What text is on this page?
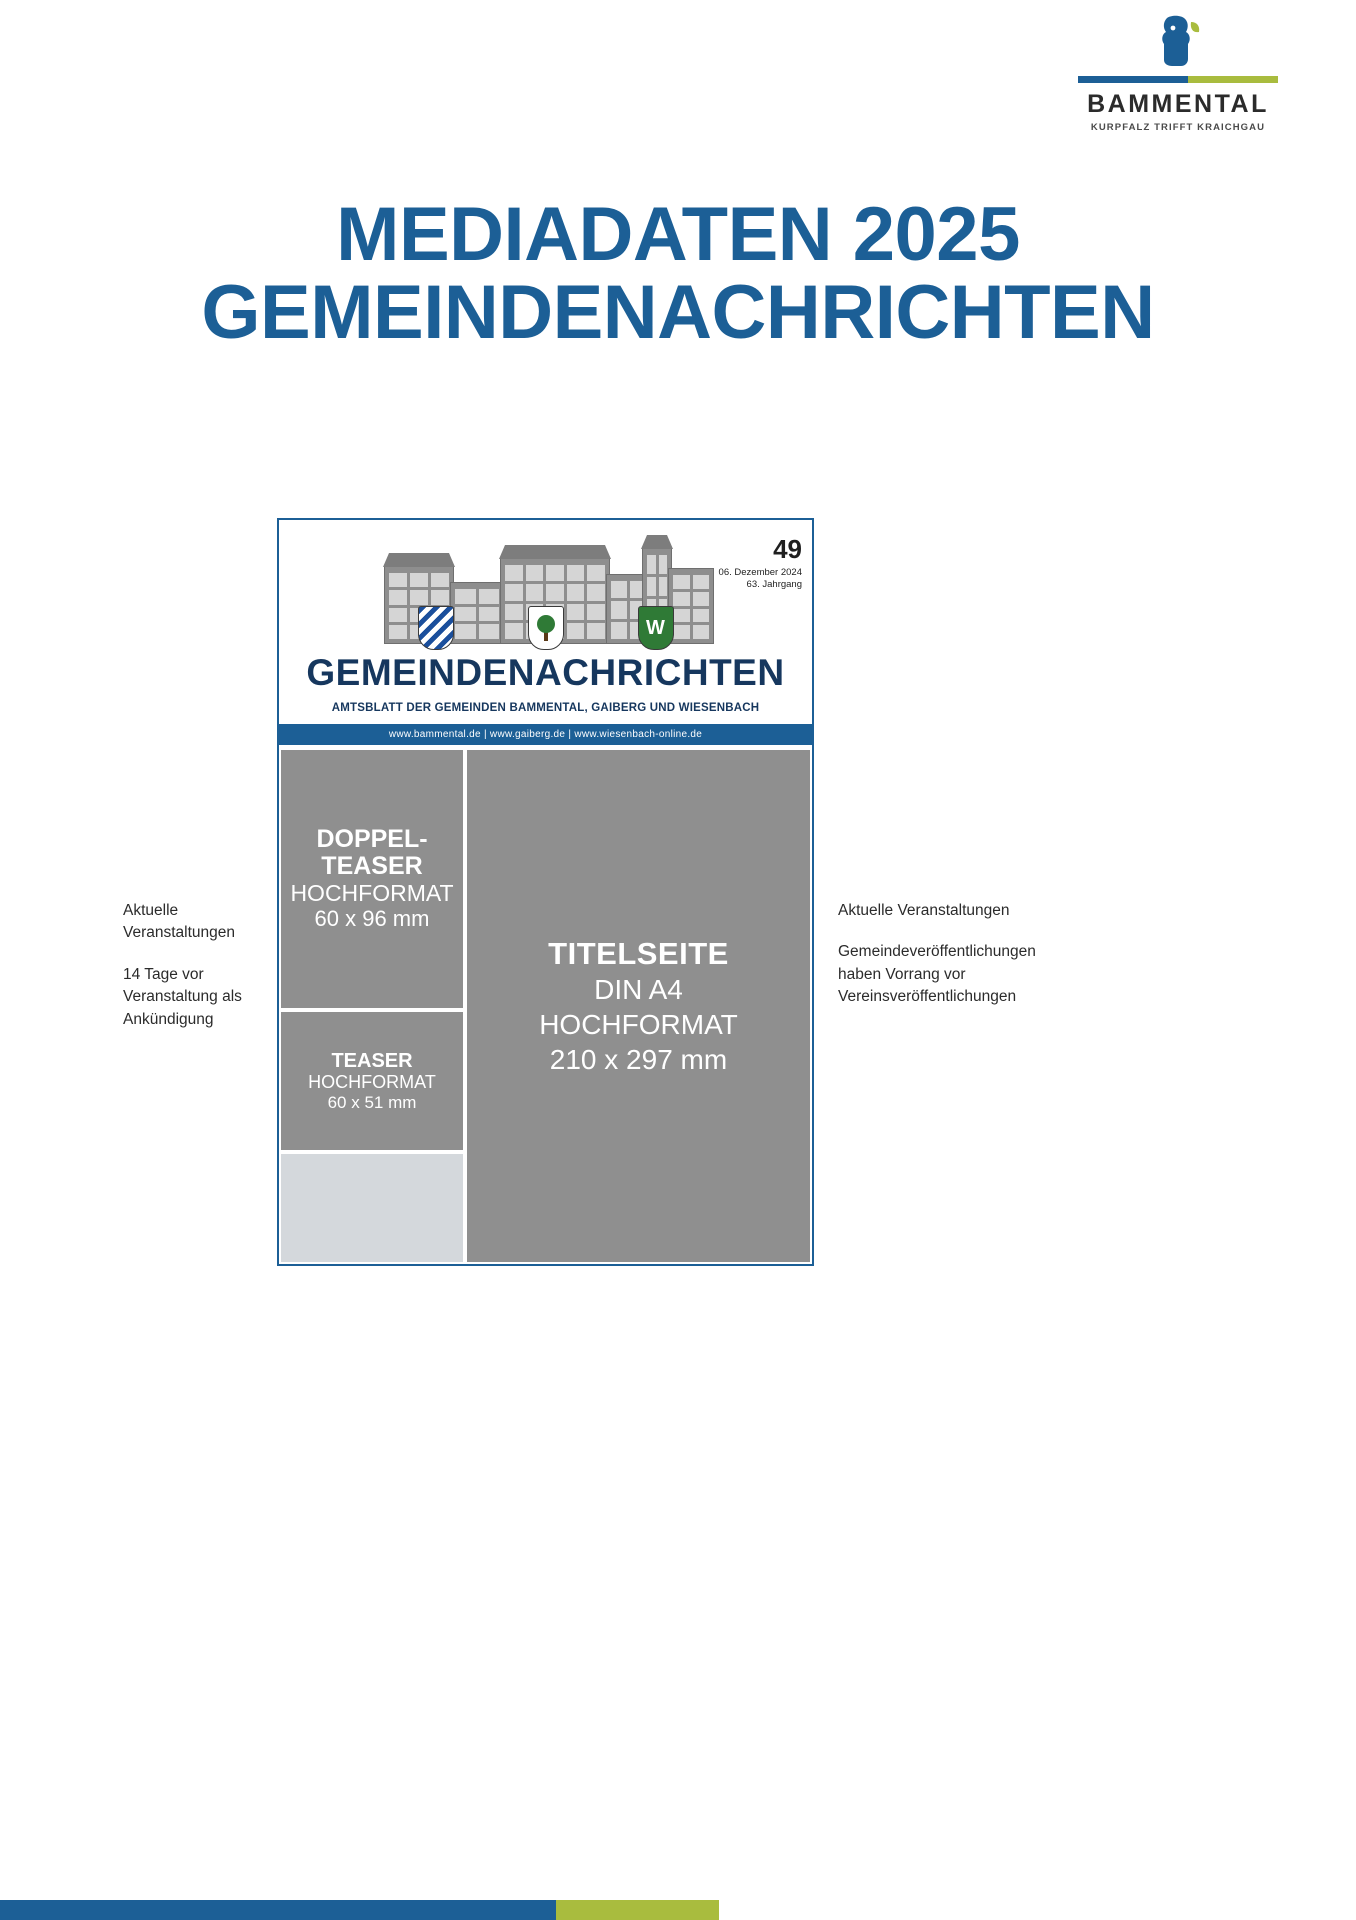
BAMMENTAL
KURPFALZ TRIFFT KRAICHGAU
MEDIADATEN 2025
GEMEINDENACHRICHTEN
49
06. Dezember 2024
63. Jahrgang
W
GEMEINDENACHRICHTEN
AMTSBLATT DER GEMEINDEN BAMMENTAL, GAIBERG UND WIESENBACH
www.bammental.de | www.gaiberg.de | www.wiesenbach-online.de
DOPPEL-
TEASER
HOCHFORMAT
60 x 96 mm
TEASER
HOCHFORMAT
60 x 51 mm
TITELSEITE
DIN A4
HOCHFORMAT
210 x 297 mm

Aktuelle Veranstaltungen

14 Tage vor Veranstaltung als Ankündigung

Aktuelle Veranstaltungen

Gemeindeveröffentlichungen haben Vorrang vor Vereinsveröffentlichungen
